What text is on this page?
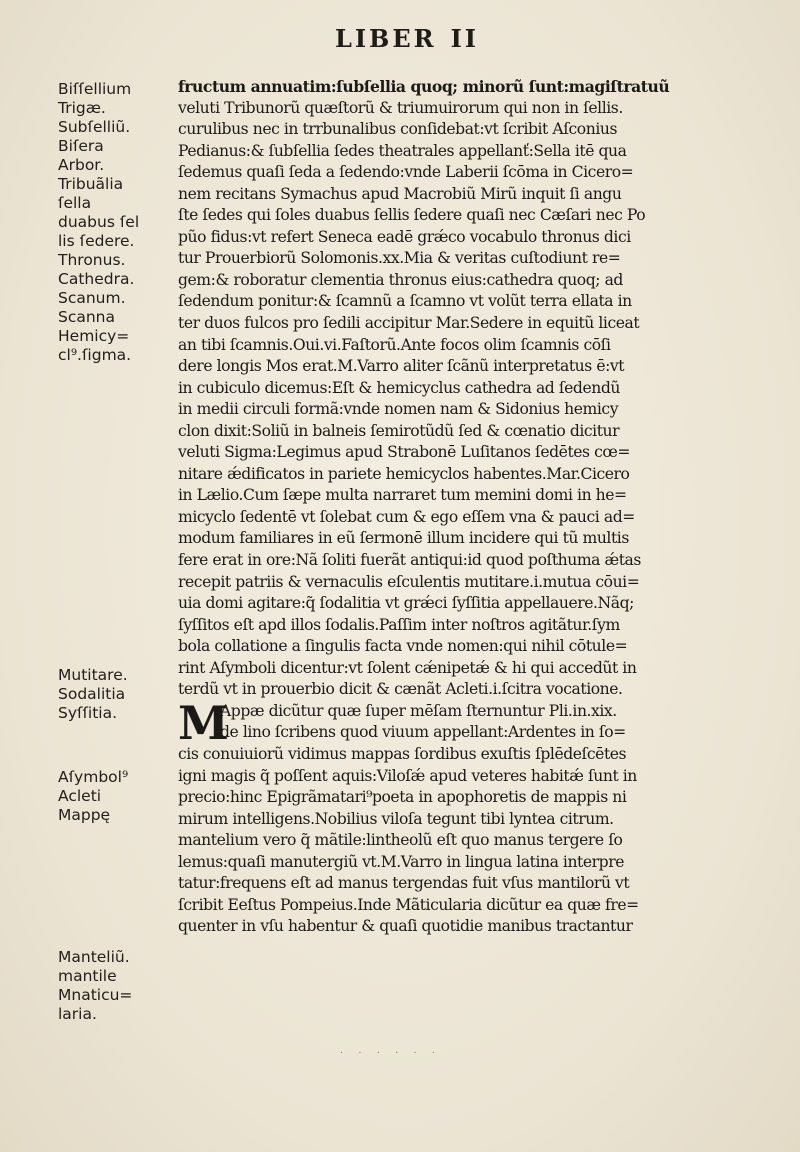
LIBER II
Biſſellium
Trigæ.
Subſelliũ.
Biſera
Arbor.
Tribuãlia
ſella
duabus ſel
lis ſedere.
Thronus.
Cathedra.
Scanum.
Scanna
Hemicy=
cl⁹.ſigma.
Mutitare.
Sodalitia
Syſſitia.
Aſymbol⁹
Acleti
Mappę
Manteliũ.
mantile
Mnaticu=
laria.
fructum annuatim:ſubſellia quoq; minorũ ſunt:magiſtratuũ
veluti Tribunorũ quæſtorũ & triumuirorum qui non in ſellis.
curulibus nec in trrbunalibus conſidebat:vt ſcribit Aſconius
Pedianus:& ſubſellia ſedes theatrales appellanť:Sella itē qua
ſedemus quaſi ſeda a ſedendo:vnde Laberii ſcōma in Cicero=
nem recitans Symachus apud Macrobiũ Mirũ inquit ſi angu
ſte ſedes qui ſoles duabus ſellis ſedere quaſi nec Cæſari nec Po
pũo fidus:vt refert Seneca eadē grǽco vocabulo thronus dici
tur Prouerbiorũ Solomonis.xx.Mia & veritas cuſtodiunt re=
gem:& roboratur clementia thronus eius:cathedra quoq; ad
ſedendum ponitur:& ſcamnũ a ſcamno vt volũt terra ellata in
ter duos fulcos pro ſedili accipitur Mar.Sedere in equitũ liceat
an tibi ſcamnis.Oui.vi.Faſtorũ.Ante focos olim ſcamnis cōſi
dere longis Mos erat.M.Varro aliter ſcãnũ interpretatus ē:vt
in cubiculo dicemus:Eſt & hemicyclus cathedra ad ſedendũ
in medii circuli formã:vnde nomen nam & Sidonius hemicy
clon dixit:Soliũ in balneis ſemirotũdũ ſed & cœnatio dicitur
veluti Sigma:Legimus apud Strabonē Luſitanos ſedētes cœ=
nitare ǽdificatos in pariete hemicyclos habentes.Mar.Cicero
in Lælio.Cum ſæpe multa narraret tum memini domi in he=
micyclo ſedentē vt ſolebat cum & ego eſſem vna & pauci ad=
modum familiares in eũ ſermonē illum incidere qui tũ multis
fere erat in ore:Nã ſoliti fuerãt antiqui:id quod poſthuma ǽtas
recepit patriis & vernaculis eſculentis mutitare.i.mutua cōui=
uia domi agitare:q̃ ſodalitia vt grǽci ſyſſitia appellauere.Nãq;
ſyſſitos eſt apd illos ſodalis.Paſſim inter noſtros agitãtur.ſym
bola collatione a ſingulis facta vnde nomen:qui nihil cōtule=
rint Aſymboli dicentur:vt ſolent cǽnipetǽ & hi qui accedũt in
terdũ vt in prouerbio dicit & cænãt Acleti.i.ſcitra vocatione.
M
Appæ dicũtur quæ ſuper mēſam ſternuntur Pli.in.xix.
de lino ſcribens quod viuum appellant:Ardentes in ſo=
cis conuiuiorũ vidimus mappas ſordibus exuſtis ſplēdeſcētes
igni magis q̃ poſſent aquis:Viloſǽ apud veteres habitǽ ſunt in
precio:hinc Epigrãmatari⁹poeta in apophoretis de mappis ni
mirum intelligens.Nobilius viloſa tegunt tibi lyntea citrum.
mantelium vero q̃ mãtile:lintheolũ eſt quo manus tergere ſo
lemus:quaſi manutergiũ vt.M.Varro in lingua latina interpre
tatur:frequens eſt ad manus tergendas fuit vſus mantilorũ vt
ſcribit Eeſtus Pompeius.Inde Mãticularia dicũtur ea quæ fre=
quenter in vſu habentur & quaſi quotidie manibus tractantur
· · · · · ·
